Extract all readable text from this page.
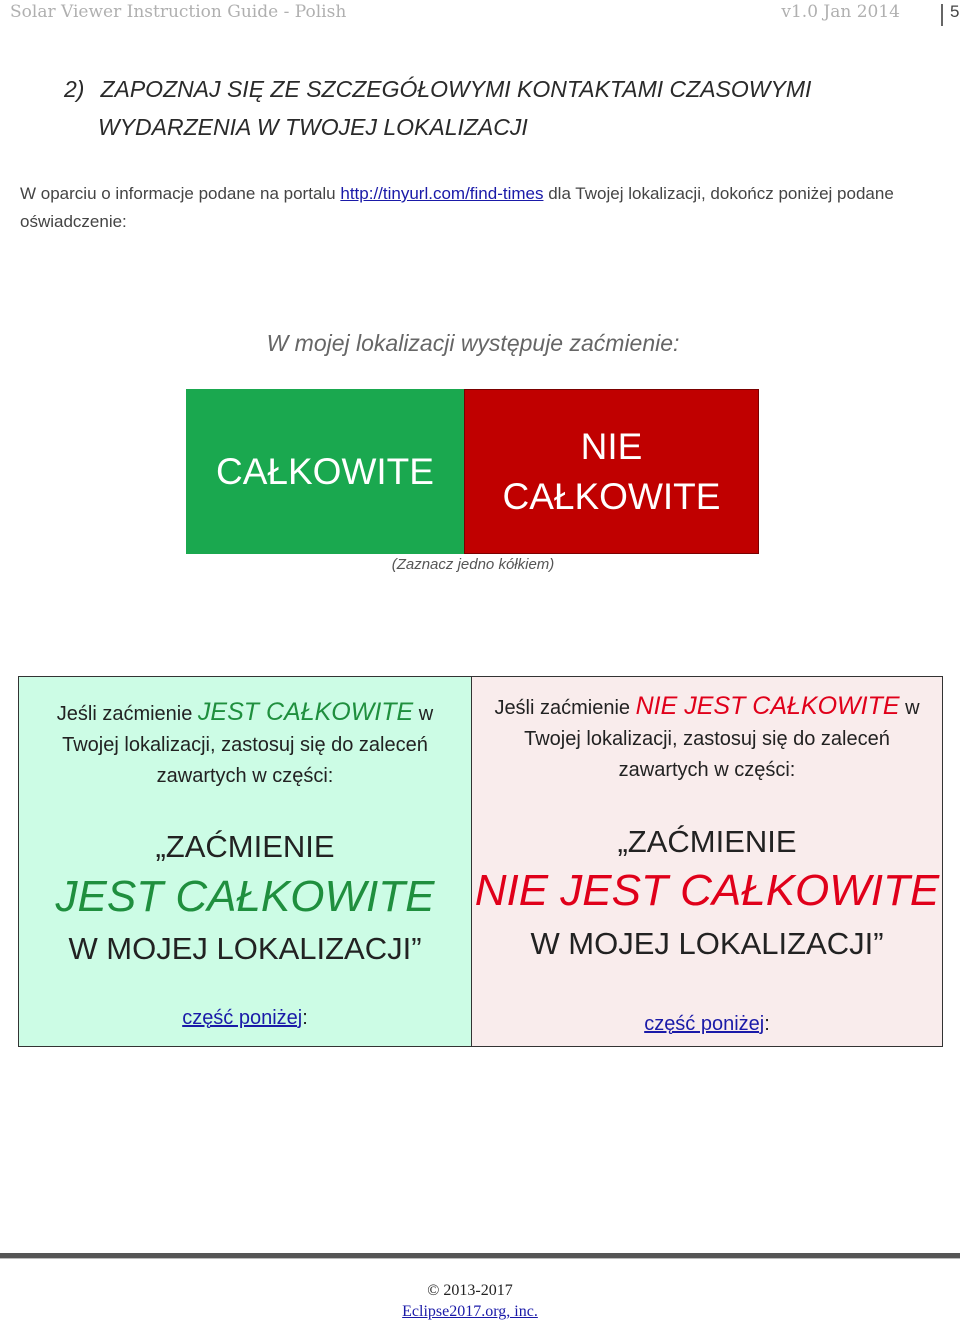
Solar Viewer Instruction Guide - Polish	v1.0 Jan 2014	5
2) ZAPOZNAJ SIĘ ZE SZCZEGÓŁOWYMI KONTAKTAMI CZASOWYMI
WYDARZENIA W TWOJEJ LOKALIZACJI

W oparciu o informacje podane na portalu http://tinyurl.com/find-times dla Twojej lokalizacji, dokończ poniżej podane oświadczenie:

W mojej lokalizacji występuje zaćmienie:
CAŁKOWITE
NIE
CAŁKOWITE
(Zaznacz jedno kółkiem)
Jeśli zaćmienie JEST CAŁKOWITE w Twojej lokalizacji, zastosuj się do zaleceń zawartych w części:
„ZAĆMIENIE
JEST CAŁKOWITE
W MOJEJ LOKALIZACJI”
część poniżej:
Jeśli zaćmienie NIE JEST CAŁKOWITE w Twojej lokalizacji, zastosuj się do zaleceń zawartych w części:
„ZAĆMIENIE
NIE JEST CAŁKOWITE
W MOJEJ LOKALIZACJI”
część poniżej:
© 2013-2017
Eclipse2017.org, inc.
